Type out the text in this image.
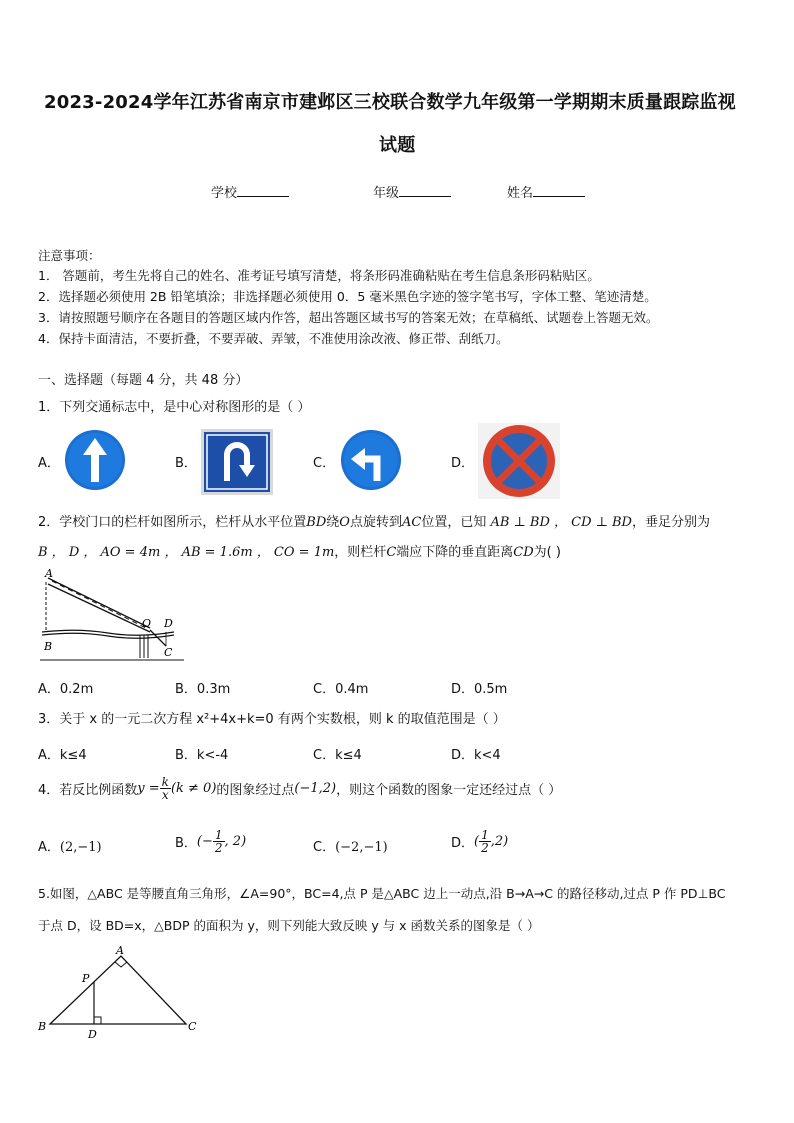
2023-2024学年江苏省南京市建邺区三校联合数学九年级第一学期期末质量跟踪监视
试题
学校	年级	姓名
注意事项：
1． 答题前，考生先将自己的姓名、准考证号填写清楚，将条形码准确粘贴在考生信息条形码粘贴区。
2．选择题必须使用 2B 铅笔填涂；非选择题必须使用 0．5 毫米黑色字迹的签字笔书写，字体工整、笔迹清楚。
3．请按照题号顺序在各题目的答题区域内作答，超出答题区域书写的答案无效；在草稿纸、试题卷上答题无效。
4．保持卡面清洁，不要折叠，不要弄破、弄皱，不准使用涂改液、修正带、刮纸刀。
一、选择题（每题 4 分，共 48 分）
1．下列交通标志中，是中心对称图形的是（ ）
A．	B．	C．	D．
2．学校门口的栏杆如图所示，栏杆从水平位置BD绕O点旋转到AC位置，已知 AB ⊥ BD ， CD ⊥ BD，垂足分别为
B ， D ， AO = 4m ， AB = 1.6m ， CO = 1m，则栏杆C端应下降的垂直距离CD为( )
A
B
O D
C
A．0.2m	B．0.3m	C．0.4m	D．0.5m
3．关于 x 的一元二次方程 x²+4x+k=0 有两个实数根，则 k 的取值范围是（ ）
A．k≤4	B．k<-4	C．k≤4	D．k<4
4．若反比例函数$y = \frac{k}{x} (k \ne 0)$的图象经过点(−1,2)，则这个函数的图象一定还经过点（ ）
A．(2,−1)	B．(− $\frac{1}{2}$ , 2)	C．(−2,−1)	D．( $\frac{1}{2} ,2$)
5.如图，△ABC 是等腰直角三角形，∠A=90°，BC=4,点 P 是△ABC 边上一动点,沿 B→A→C 的路径移动,过点 P 作 PD⊥BC
于点 D，设 BD=x，△BDP 的面积为 y，则下列能大致反映 y 与 x 函数关系的图象是（ ）
A
P
B
D
C
